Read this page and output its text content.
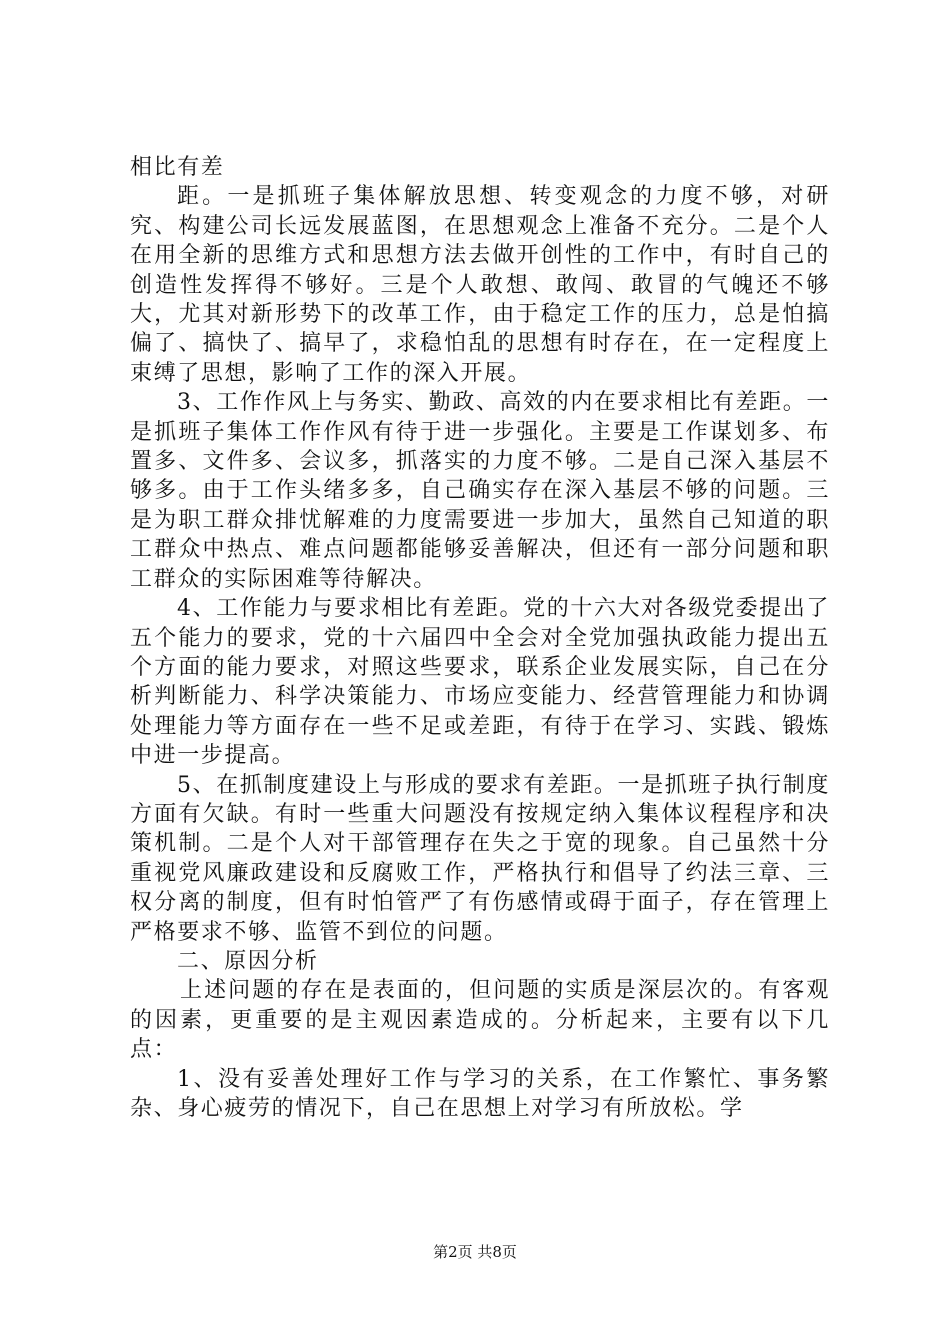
相比有差

距。一是抓班子集体解放思想、转变观念的力度不够，对研究、构建公司长远发展蓝图，在思想观念上准备不充分。二是个人在用全新的思维方式和思想方法去做开创性的工作中，有时自己的创造性发挥得不够好。三是个人敢想、敢闯、敢冒的气魄还不够大，尤其对新形势下的改革工作，由于稳定工作的压力，总是怕搞偏了、搞快了、搞早了，求稳怕乱的思想有时存在，在一定程度上束缚了思想，影响了工作的深入开展。

3、工作作风上与务实、勤政、高效的内在要求相比有差距。一是抓班子集体工作作风有待于进一步强化。主要是工作谋划多、布置多、文件多、会议多，抓落实的力度不够。二是自己深入基层不够多。由于工作头绪多多，自己确实存在深入基层不够的问题。三是为职工群众排忧解难的力度需要进一步加大，虽然自己知道的职工群众中热点、难点问题都能够妥善解决，但还有一部分问题和职工群众的实际困难等待解决。

4、工作能力与要求相比有差距。党的十六大对各级党委提出了五个能力的要求，党的十六届四中全会对全党加强执政能力提出五个方面的能力要求，对照这些要求，联系企业发展实际，自己在分析判断能力、科学决策能力、市场应变能力、经营管理能力和协调处理能力等方面存在一些不足或差距，有待于在学习、实践、锻炼中进一步提高。

5、在抓制度建设上与形成的要求有差距。一是抓班子执行制度方面有欠缺。有时一些重大问题没有按规定纳入集体议程程序和决策机制。二是个人对干部管理存在失之于宽的现象。自己虽然十分重视党风廉政建设和反腐败工作，严格执行和倡导了约法三章、三权分离的制度，但有时怕管严了有伤感情或碍于面子，存在管理上严格要求不够、监管不到位的问题。

二、原因分析

上述问题的存在是表面的，但问题的实质是深层次的。有客观的因素，更重要的是主观因素造成的。分析起来，主要有以下几点：

1、没有妥善处理好工作与学习的关系，在工作繁忙、事务繁杂、身心疲劳的情况下，自己在思想上对学习有所放松。学

第2页 共8页
